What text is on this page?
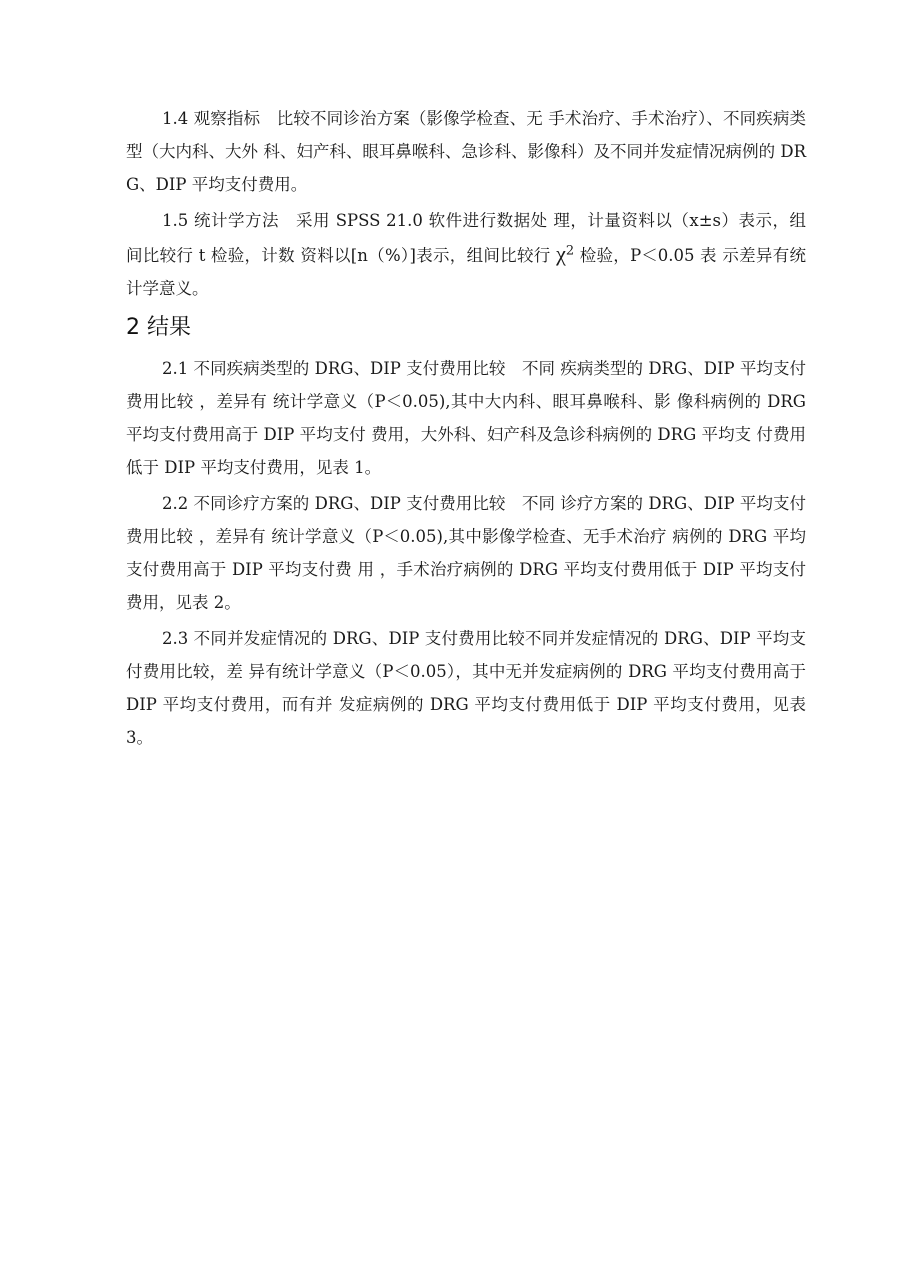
1.4 观察指标　比较不同诊治方案（影像学检查、无 手术治疗、手术治疗）、不同疾病类型（大内科、大外 科、妇产科、眼耳鼻喉科、急诊科、影像科）及不同并发症情况病例的 DRG、DIP 平均支付费用。

1.5 统计学方法　采用 SPSS 21.0 软件进行数据处 理，计量资料以（x±s）表示，组间比较行 t 检验，计数 资料以[n（%）]表示，组间比较行 $\chi^2$ 检验，P＜0.05 表 示差异有统计学意义。

2 结果

2.1 不同疾病类型的 DRG、DIP 支付费用比较　不同 疾病类型的 DRG、DIP 平均支付费用比较 ，差异有 统计学意义（P＜0.05),其中大内科、眼耳鼻喉科、影 像科病例的 DRG 平均支付费用高于 DIP 平均支付 费用，大外科、妇产科及急诊科病例的 DRG 平均支 付费用低于 DIP 平均支付费用，见表 1。

2.2 不同诊疗方案的 DRG、DIP 支付费用比较　不同 诊疗方案的 DRG、DIP 平均支付费用比较 ，差异有 统计学意义（P＜0.05),其中影像学检查、无手术治疗 病例的 DRG 平均支付费用高于 DIP 平均支付费 用 ，手术治疗病例的 DRG 平均支付费用低于 DIP 平均支付费用，见表 2。

2.3 不同并发症情况的 DRG、DIP 支付费用比较不同并发症情况的 DRG、DIP 平均支付费用比较，差 异有统计学意义（P＜0.05），其中无并发症病例的 DRG 平均支付费用高于 DIP 平均支付费用，而有并 发症病例的 DRG 平均支付费用低于 DIP 平均支付费用，见表 3。
